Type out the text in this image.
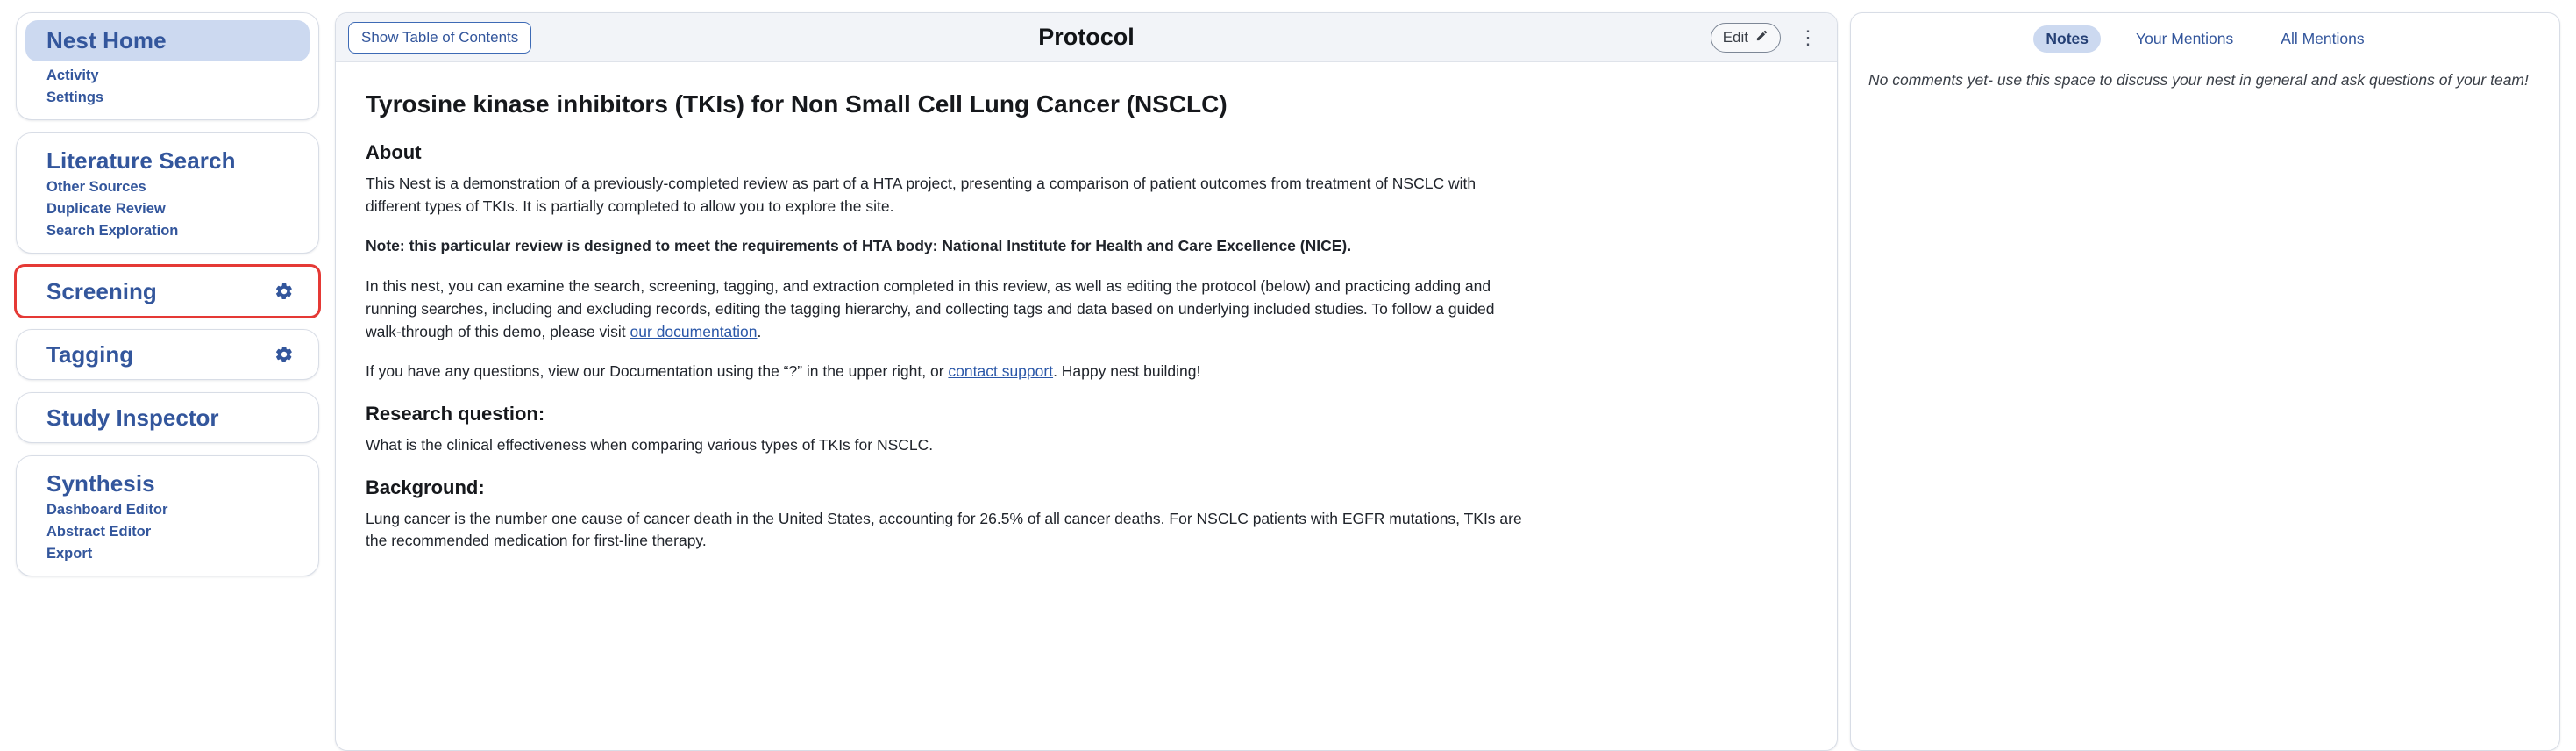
Nest Home
Activity
Settings
Literature Search
Other Sources
Duplicate Review
Search Exploration
Screening
Tagging
Study Inspector
Synthesis
Dashboard Editor
Abstract Editor
Export
Show Table of Contents	Protocol	Edit	⋮
Tyrosine kinase inhibitors (TKIs) for Non Small Cell Lung Cancer (NSCLC)
About

This Nest is a demonstration of a previously-completed review as part of a HTA project, presenting a comparison of patient outcomes from treatment of NSCLC with different types of TKIs. It is partially completed to allow you to explore the site.

Note: this particular review is designed to meet the requirements of HTA body: National Institute for Health and Care Excellence (NICE).

In this nest, you can examine the search, screening, tagging, and extraction completed in this review, as well as editing the protocol (below) and practicing adding and running searches, including and excluding records, editing the tagging hierarchy, and collecting tags and data based on underlying included studies. To follow a guided walk-through of this demo, please visit our documentation.

If you have any questions, view our Documentation using the “?” in the upper right, or contact support. Happy nest building!

Research question:

What is the clinical effectiveness when comparing various types of TKIs for NSCLC.

Background:

Lung cancer is the number one cause of cancer death in the United States, accounting for 26.5% of all cancer deaths. For NSCLC patients with EGFR mutations, TKIs are the recommended medication for first-line therapy.

Notes	Your Mentions	All Mentions
No comments yet- use this space to discuss your nest in general and ask questions of your team!
